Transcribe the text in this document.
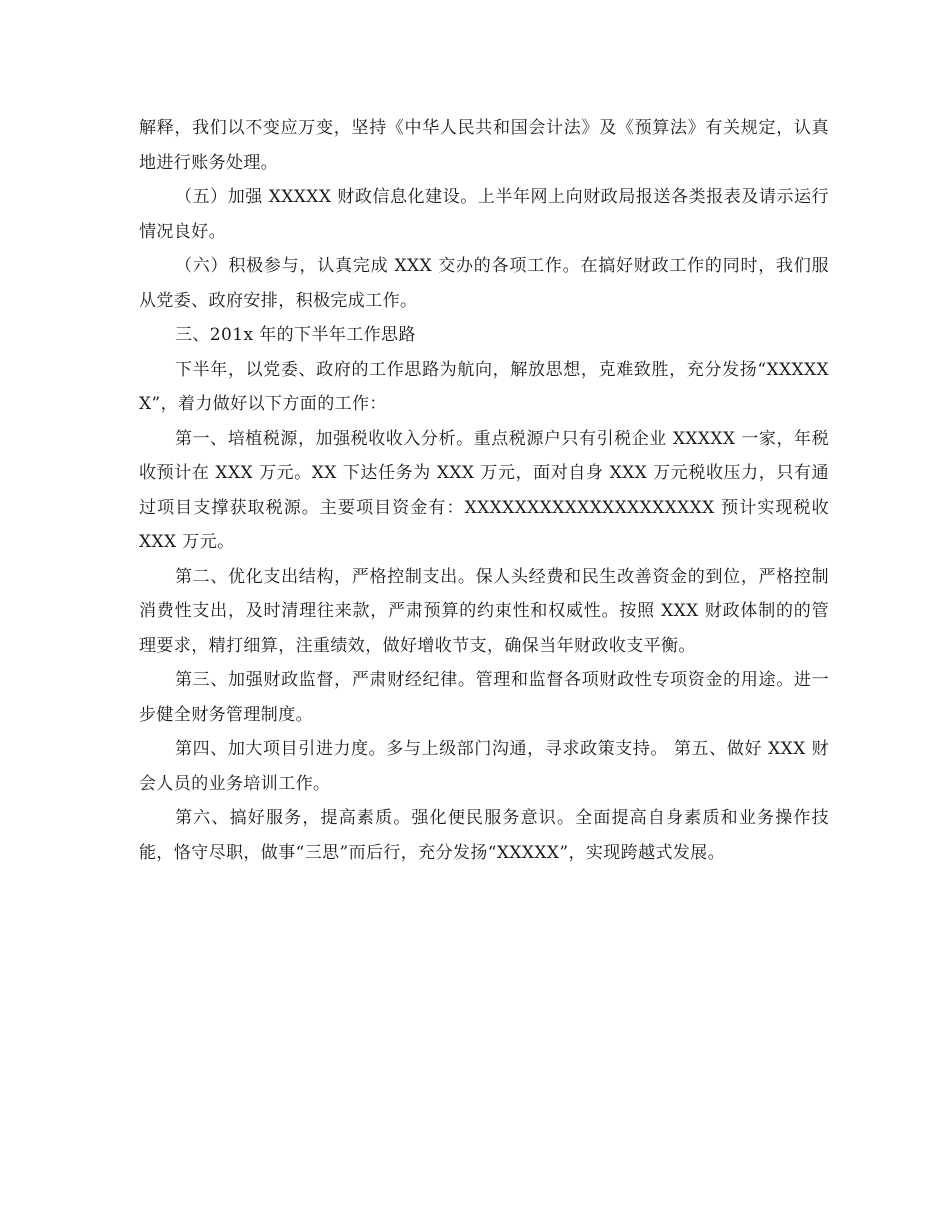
解释，我们以不变应万变，坚持《中华人民共和国会计法》及《预算法》有关规定，认真地进行账务处理。

（五）加强 XXXXX 财政信息化建设。上半年网上向财政局报送各类报表及请示运行情况良好。

（六）积极参与，认真完成 XXX 交办的各项工作。在搞好财政工作的同时，我们服从党委、政府安排，积极完成工作。

三、201x 年的下半年工作思路

下半年，以党委、政府的工作思路为航向，解放思想，克难致胜，充分发扬“XXXXXX”，着力做好以下方面的工作：

第一、培植税源，加强税收收入分析。重点税源户只有引税企业 XXXXX 一家，年税收预计在 XXX 万元。XX 下达任务为 XXX 万元，面对自身 XXX 万元税收压力，只有通过项目支撑获取税源。主要项目资金有：XXXXXXXXXXXXXXXXXXXX 预计实现税收 XXX 万元。

第二、优化支出结构，严格控制支出。保人头经费和民生改善资金的到位，严格控制消费性支出，及时清理往来款，严肃预算的约束性和权威性。按照 XXX 财政体制的的管理要求，精打细算，注重绩效，做好增收节支，确保当年财政收支平衡。

第三、加强财政监督，严肃财经纪律。管理和监督各项财政性专项资金的用途。进一步健全财务管理制度。

第四、加大项目引进力度。多与上级部门沟通，寻求政策支持。 第五、做好 XXX 财会人员的业务培训工作。

第六、搞好服务，提高素质。强化便民服务意识。全面提高自身素质和业务操作技能，恪守尽职，做事“三思”而后行，充分发扬“XXXXX”，实现跨越式发展。
